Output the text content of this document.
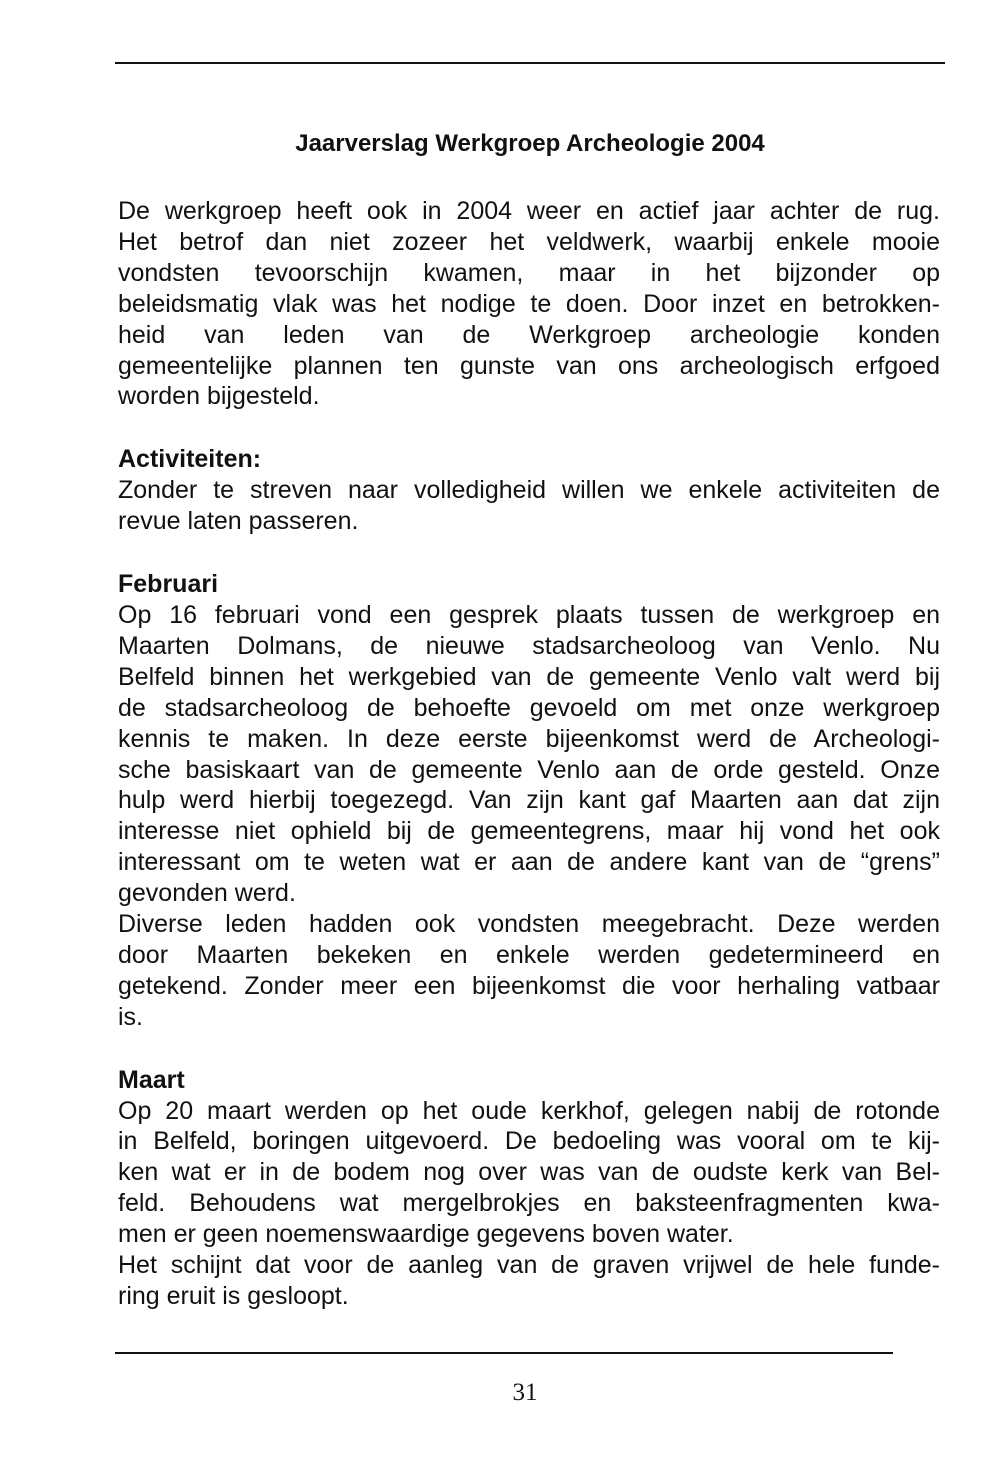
Jaarverslag Werkgroep Archeologie 2004
De werkgroep heeft ook in 2004 weer en actief jaar achter de rug.
Het betrof dan niet zozeer het veldwerk, waarbij enkele mooie
vondsten tevoorschijn kwamen, maar in het bijzonder op
beleidsmatig vlak was het nodige te doen. Door inzet en betrokken-
heid van leden van de Werkgroep archeologie konden
gemeentelijke plannen ten gunste van ons archeologisch erfgoed
worden bijgesteld.
Activiteiten:
Zonder te streven naar volledigheid willen we enkele activiteiten de
revue laten passeren.
Februari
Op 16 februari vond een gesprek plaats tussen de werkgroep en
Maarten Dolmans, de nieuwe stadsarcheoloog van Venlo. Nu
Belfeld binnen het werkgebied van de gemeente Venlo valt werd bij
de stadsarcheoloog de behoefte gevoeld om met onze werkgroep
kennis te maken. In deze eerste bijeenkomst werd de Archeologi-
sche basiskaart van de gemeente Venlo aan de orde gesteld. Onze
hulp werd hierbij toegezegd. Van zijn kant gaf Maarten aan dat zijn
interesse niet ophield bij de gemeentegrens, maar hij vond het ook
interessant om te weten wat er aan de andere kant van de “grens”
gevonden werd.
Diverse leden hadden ook vondsten meegebracht. Deze werden
door Maarten bekeken en enkele werden gedetermineerd en
getekend. Zonder meer een bijeenkomst die voor herhaling vatbaar
is.
Maart
Op 20 maart werden op het oude kerkhof, gelegen nabij de rotonde
in Belfeld, boringen uitgevoerd. De bedoeling was vooral om te kij-
ken wat er in de bodem nog over was van de oudste kerk van Bel-
feld. Behoudens wat mergelbrokjes en baksteenfragmenten kwa-
men er geen noemenswaardige gegevens boven water.
Het schijnt dat voor de aanleg van de graven vrijwel de hele funde-
ring eruit is gesloopt.
31
